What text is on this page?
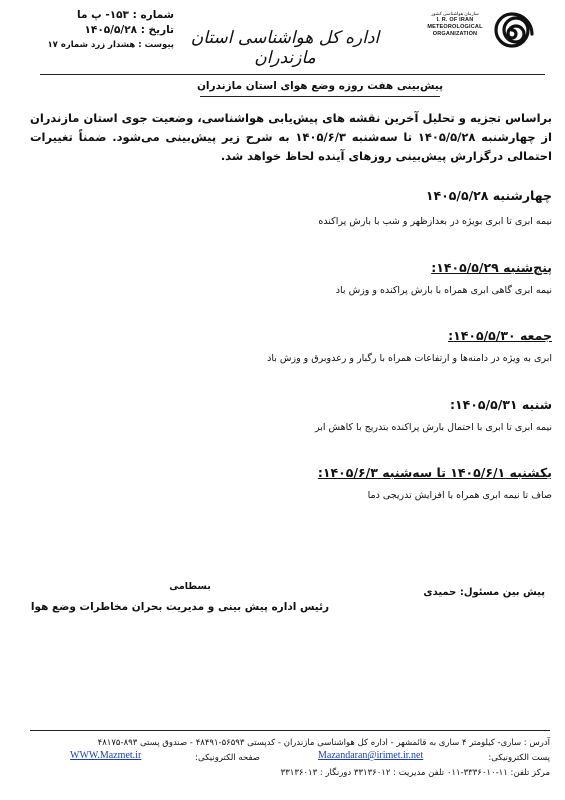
سازمان هواشناسی کشور
I. R. OF IRAN
METEOROLOGICAL
ORGANIZATION
اداره کل هواشناسی استان مازندران
شماره : ۱۵۳- پ ما
تاریخ : ۱۴۰۵/۵/۲۸
پیوست : هشدار زرد شماره ۱۷
پیش‌بینی هفت روزه وضع هوای استان مازندران
براساس تجزیه و تحلیل آخرین نقشه های پیش‌یابی هواشناسی، وضعیت جوی استان مازندران از چهارشنبه ۱۴۰۵/۵/۲۸ تا سه‌شنبه ۱۴۰۵/۶/۳ به شرح زیر پیش‌بینی می‌شود. ضمناً تغییرات احتمالی درگزارش پیش‌بینی روزهای آینده لحاظ خواهد شد.
چهارشنبه ۱۴۰۵/۵/۲۸
نیمه ابری تا ابری بویژه در بعدازظهر و شب با بارش پراکنده
پنج‌شنبه ۱۴۰۵/۵/۲۹:
نیمه ابری گاهی ابری همراه با بارش پراکنده و وزش باد
جمعه ۱۴۰۵/۵/۳۰:
ابری به ویژه در دامنه‌ها و ارتفاعات همراه با رگبار و رعدوبرق و وزش باد
شنبه ۱۴۰۵/۵/۳۱:
نیمه ابری تا ابری با احتمال بارش پراکنده بتدریج با کاهش ابر
یکشنبه ۱۴۰۵/۶/۱ تا سه‌شنبه ۱۴۰۵/۶/۳:
صاف تا نیمه ابری همراه با افزایش تدریجی دما
پیش بین مسئول: حمیدی
بسطامی
رئیس اداره پیش بینی و مدیریت بحران مخاطرات وضع هوا
آدرس : ساری- کیلومتر ۴ ساری به قائمشهر - اداره کل هواشناسی مازندران - کدپستی ۵۶۵۹۳-۴۸۴۹۱ - صندوق پستی ۸۹۳-۴۸۱۷۵
پست الکترونیکی:
Mazandaran@irimet.ir.net
صفحه الکترونیکی:
WWW.Mazmet.ir
مرکز تلفن: ۱۱-۳۳۳۶۰۱۰-۰۱۱ تلفن مدیریت : ۳۳۱۳۶۰۱۲ دورنگار : ۳۳۱۳۶۰۱۳
